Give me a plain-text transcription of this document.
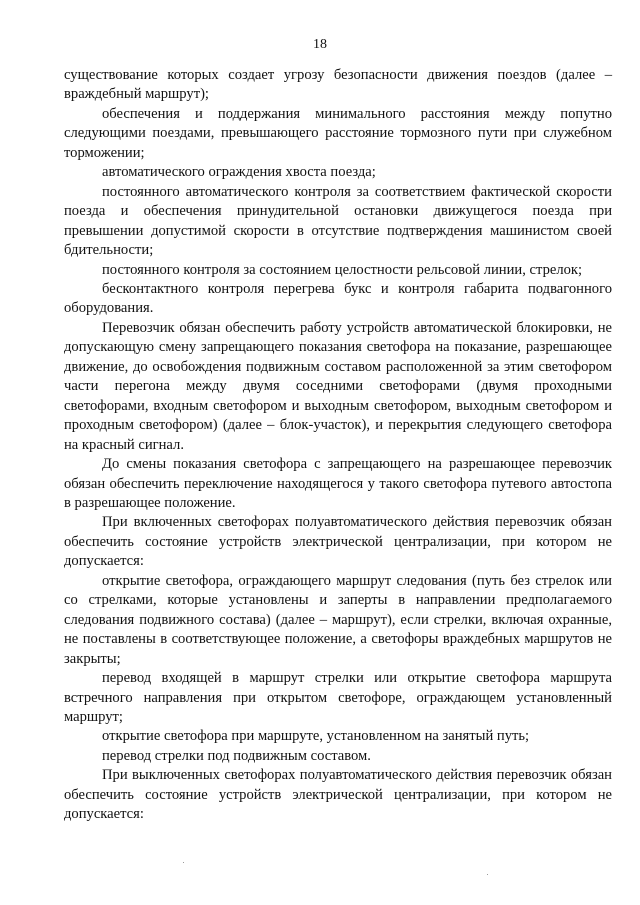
18

существование которых создает угрозу безопасности движения поездов (далее – враждебный маршрут);

обеспечения и поддержания минимального расстояния между попутно следующими поездами, превышающего расстояние тормозного пути при служебном торможении;

автоматического ограждения хвоста поезда;

постоянного автоматического контроля за соответствием фактической скорости поезда и обеспечения принудительной остановки движущегося поезда при превышении допустимой скорости в отсутствие подтверждения машинистом своей бдительности;

постоянного контроля за состоянием целостности рельсовой линии, стрелок;

бесконтактного контроля перегрева букс и контроля габарита подвагонного оборудования.

Перевозчик обязан обеспечить работу устройств автоматической блокировки, не допускающую смену запрещающего показания светофора на показание, разрешающее движение, до освобождения подвижным составом расположенной за этим светофором части перегона между двумя соседними светофорами (двумя проходными светофорами, входным светофором и выходным светофором, выходным светофором и проходным светофором) (далее – блок-участок), и перекрытия следующего светофора на красный сигнал.

До смены показания светофора с запрещающего на разрешающее перевозчик обязан обеспечить переключение находящегося у такого светофора путевого автостопа в разрешающее положение.

При включенных светофорах полуавтоматического действия перевозчик обязан обеспечить состояние устройств электрической централизации, при котором не допускается:

открытие светофора, ограждающего маршрут следования (путь без стрелок или со стрелками, которые установлены и заперты в направлении предполагаемого следования подвижного состава) (далее – маршрут), если стрелки, включая охранные, не поставлены в соответствующее положение, а светофоры враждебных маршрутов не закрыты;

перевод входящей в маршрут стрелки или открытие светофора маршрута встречного направления при открытом светофоре, ограждающем установленный маршрут;

открытие светофора при маршруте, установленном на занятый путь;

перевод стрелки под подвижным составом.

При выключенных светофорах полуавтоматического действия перевозчик обязан обеспечить состояние устройств электрической централизации, при котором не допускается:
